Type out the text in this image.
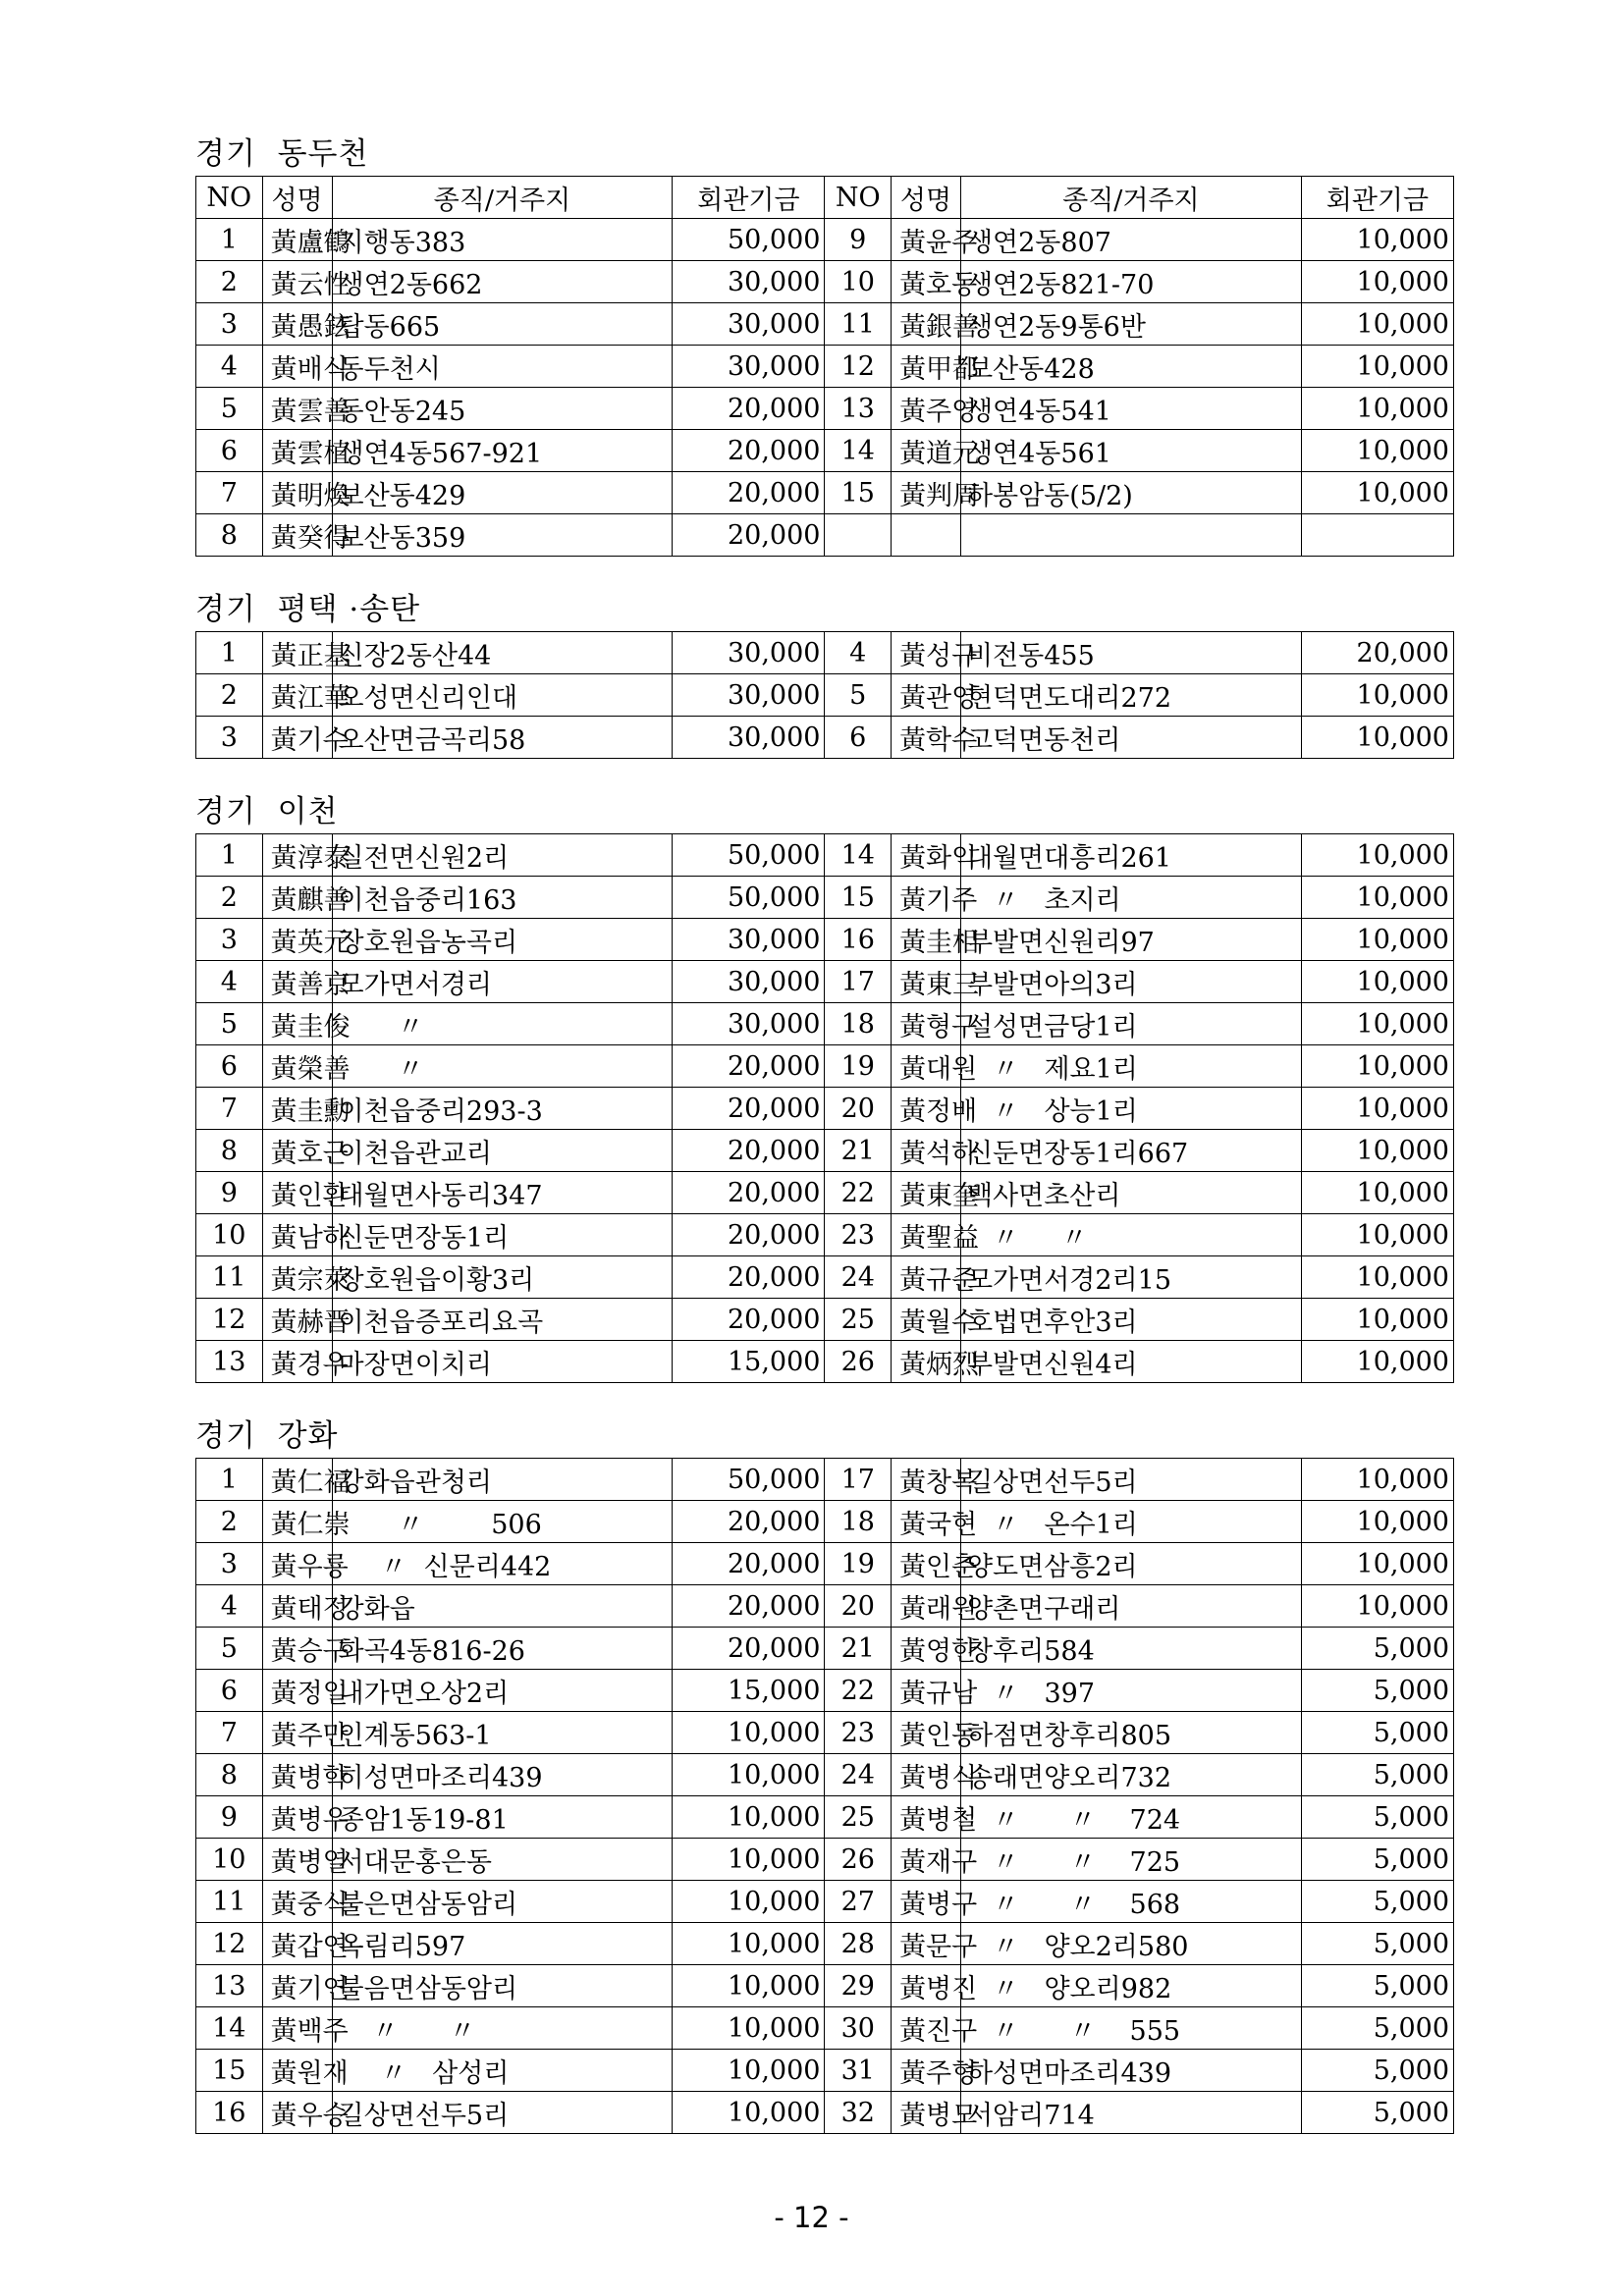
경기  동두천
NO	성명	종직/거주지	회관기금	NO	성명	종직/거주지	회관기금
1	黃盧鶴	지행동383	50,000	9	黃윤주	생연2동807	10,000
2	黃云性	생연2동662	30,000	10	黃호동	생연2동821-70	10,000
3	黃愚鉉	탑동665	30,000	11	黃銀善	생연2동9통6반	10,000
4	黃배식	동두천시	30,000	12	黃甲都	보산동428	10,000
5	黃雲善	동안동245	20,000	13	黃주영	생연4동541	10,000
6	黃雲植	생연4동567-921	20,000	14	黃道元	생연4동561	10,000
7	黃明煥	보산동429	20,000	15	黃判周	하봉암동(5/2)	10,000
8	黃癸得	보산동359	20,000				
경기  평택 ·송탄
1	黃正基	신장2동산44	30,000	4	黃성규	비전동455	20,000
2	黃江華	오성면신리인대	30,000	5	黃관영	현덕면도대리272	10,000
3	黃기수	오산면금곡리58	30,000	6	黃학수	고덕면동천리	10,000
경기  이천
1	黃淳泰	실전면신원2리	50,000	14	黃화익	대월면대흥리261	10,000
2	黃麒善	이천읍중리163	50,000	15	黃기주	〃   초지리	10,000
3	黃英元	장호원읍농곡리	30,000	16	黃圭相	부발면신원리97	10,000
4	黃善京	모가면서경리	30,000	17	黃東三	부발면아의3리	10,000
5	黃圭俊	〃	30,000	18	黃형구	설성면금당1리	10,000
6	黃榮善	〃	20,000	19	黃대원	〃   제요1리	10,000
7	黃圭勳	이천읍중리293-3	20,000	20	黃정배	〃   상능1리	10,000
8	黃호근	이천읍관교리	20,000	21	黃석하	신둔면장동1리667	10,000
9	黃인환	대월면사동리347	20,000	22	黃東奎	백사면초산리	10,000
10	黃남하	신둔면장동1리	20,000	23	黃聖益	〃     〃	10,000
11	黃宗萊	장호원읍이황3리	20,000	24	黃규준	모가면서경2리15	10,000
12	黃赫晋	이천읍증포리요곡	20,000	25	黃월수	호법면후안3리	10,000
13	黃경우	마장면이치리	15,000	26	黃炳烈	부발면신원4리	10,000
경기  강화
1	黃仁福	강화읍관청리	50,000	17	黃창복	길상면선두5리	10,000
2	黃仁崇	〃        506	20,000	18	黃국현	〃   온수1리	10,000
3	黃우룡	〃  신문리442	20,000	19	黃인춘	양도면삼흥2리	10,000
4	黃태정	강화읍	20,000	20	黃래원	양촌면구래리	10,000
5	黃승구	화곡4동816-26	20,000	21	黃영한	창후리584	5,000
6	黃정일	내가면오상2리	15,000	22	黃규남	〃   397	5,000
7	黃주만	인계동563-1	10,000	23	黃인동	하점면창후리805	5,000
8	黃병학	히성면마조리439	10,000	24	黃병식	송래면양오리732	5,000
9	黃병우	종암1동19-81	10,000	25	黃병철	〃      〃    724	5,000
10	黃병열	서대문홍은동	10,000	26	黃재구	〃      〃    725	5,000
11	黃중식	불은면삼동암리	10,000	27	黃병구	〃      〃    568	5,000
12	黃갑연	옥림리597	10,000	28	黃문구	〃   양오2리580	5,000
13	黃기연	불음면삼동암리	10,000	29	黃병진	〃   양오리982	5,000
14	黃백주	〃      〃	10,000	30	黃진구	〃      〃    555	5,000
15	黃원재	〃   삼성리	10,000	31	黃주형	하성면마조리439	5,000
16	黃우승	길상면선두5리	10,000	32	黃병모	서암리714	5,000
- 12 -
